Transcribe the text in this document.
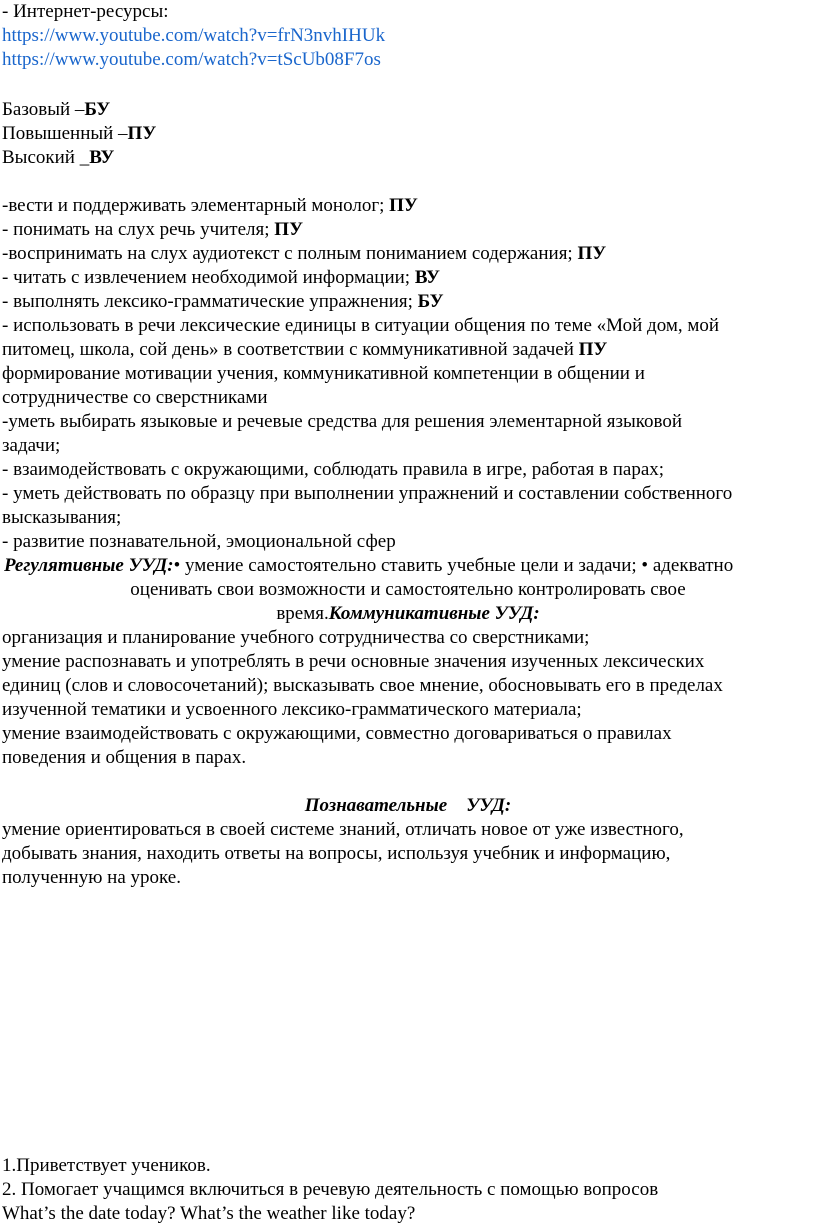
- Интернет-ресурсы:
https://www.youtube.com/watch?v=frN3nvhIHUk
https://www.youtube.com/watch?v=tScUb08F7os
Базовый –БУ
Повышенный –ПУ
Высокий _ВУ
-вести и поддерживать элементарный монолог; ПУ
- понимать на слух речь учителя; ПУ
-воспринимать на слух аудиотекст с полным пониманием содержания; ПУ
- читать с извлечением необходимой информации; ВУ
- выполнять лексико-грамматические упражнения; БУ
- использовать в речи лексические единицы в ситуации общения по теме «Мой дом, мой
питомец, школа, сой день» в соответствии с коммуникативной задачей ПУ
формирование мотивации учения, коммуникативной компетенции в общении и
сотрудничестве со сверстниками
-уметь выбирать языковые и речевые средства для решения элементарной языковой
задачи;
- взаимодействовать с окружающими, соблюдать правила в игре, работая в парах;
- уметь действовать по образцу при выполнении упражнений и составлении собственного
высказывания;
- развитие познавательной, эмоциональной сфер
Регулятивные УУД:• умение самостоятельно ставить учебные цели и задачи; • адекватно
оценивать свои возможности и самостоятельно контролировать свое
время.Коммуникативные УУД:
организация и планирование учебного сотрудничества со сверстниками;
умение распознавать и употреблять в речи основные значения изученных лексических
единиц (слов и словосочетаний); высказывать свое мнение, обосновывать его в пределах
изученной тематики и усвоенного лексико-грамматического материала;
умение взаимодействовать с окружающими, совместно договариваться о правилах
поведения и общения в парах.
Познавательные    УУД:
умение ориентироваться в своей системе знаний, отличать новое от уже известного,
добывать знания, находить ответы на вопросы, используя учебник и информацию,
полученную на уроке.
1.Приветствует учеников.
2. Помогает учащимся включиться в речевую деятельность с помощью вопросов
What’s the date today? What’s the weather like today?
